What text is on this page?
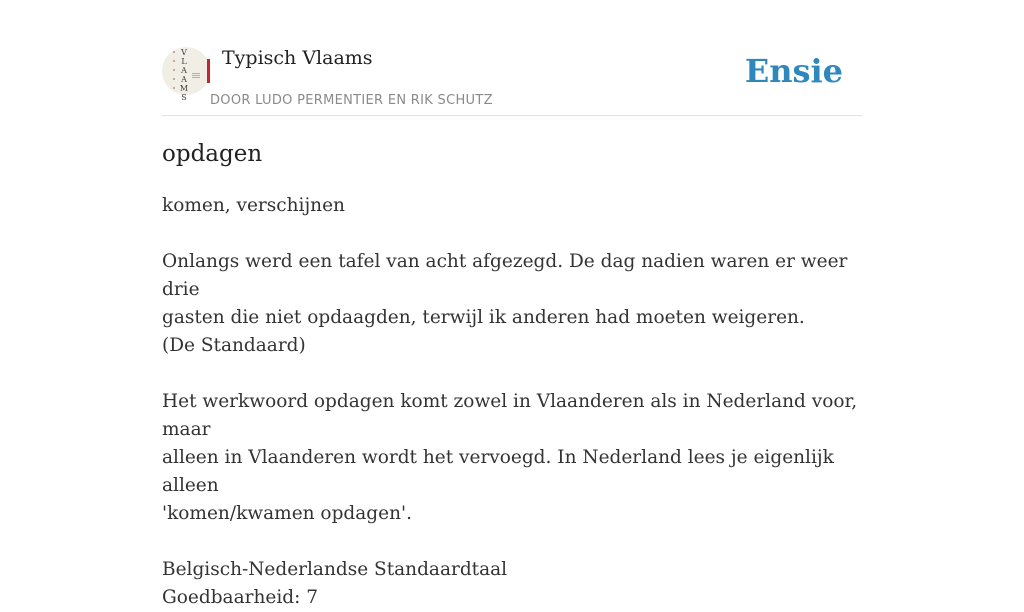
V
L
A
A
M
S
Typisch Vlaams
DOOR LUDO PERMENTIER EN RIK SCHUTZ
Ensie
opdagen

komen, verschijnen

Onlangs werd een tafel van acht afgezegd. De dag nadien waren er weer drie

gasten die niet opdaagden, terwijl ik anderen had moeten weigeren.

(De Standaard)

Het werkwoord opdagen komt zowel in Vlaanderen als in Nederland voor, maar

alleen in Vlaanderen wordt het vervoegd. In Nederland lees je eigenlijk alleen

'komen/kwamen opdagen'.

Belgisch-Nederlandse Standaardtaal

Goedbaarheid: 7
